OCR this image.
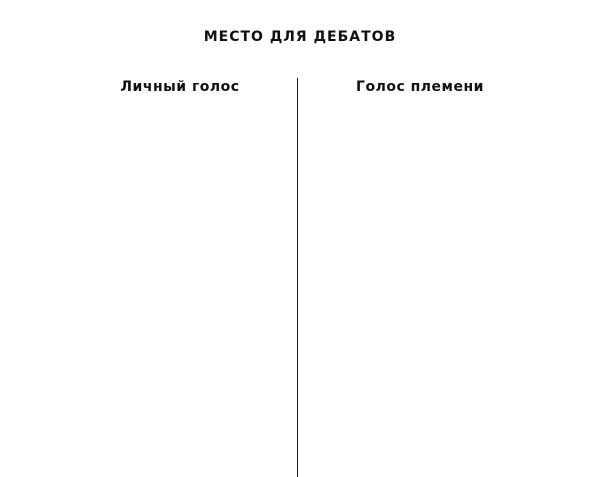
МЕСТО ДЛЯ ДЕБАТОВ
Личный голос	Голос племени
